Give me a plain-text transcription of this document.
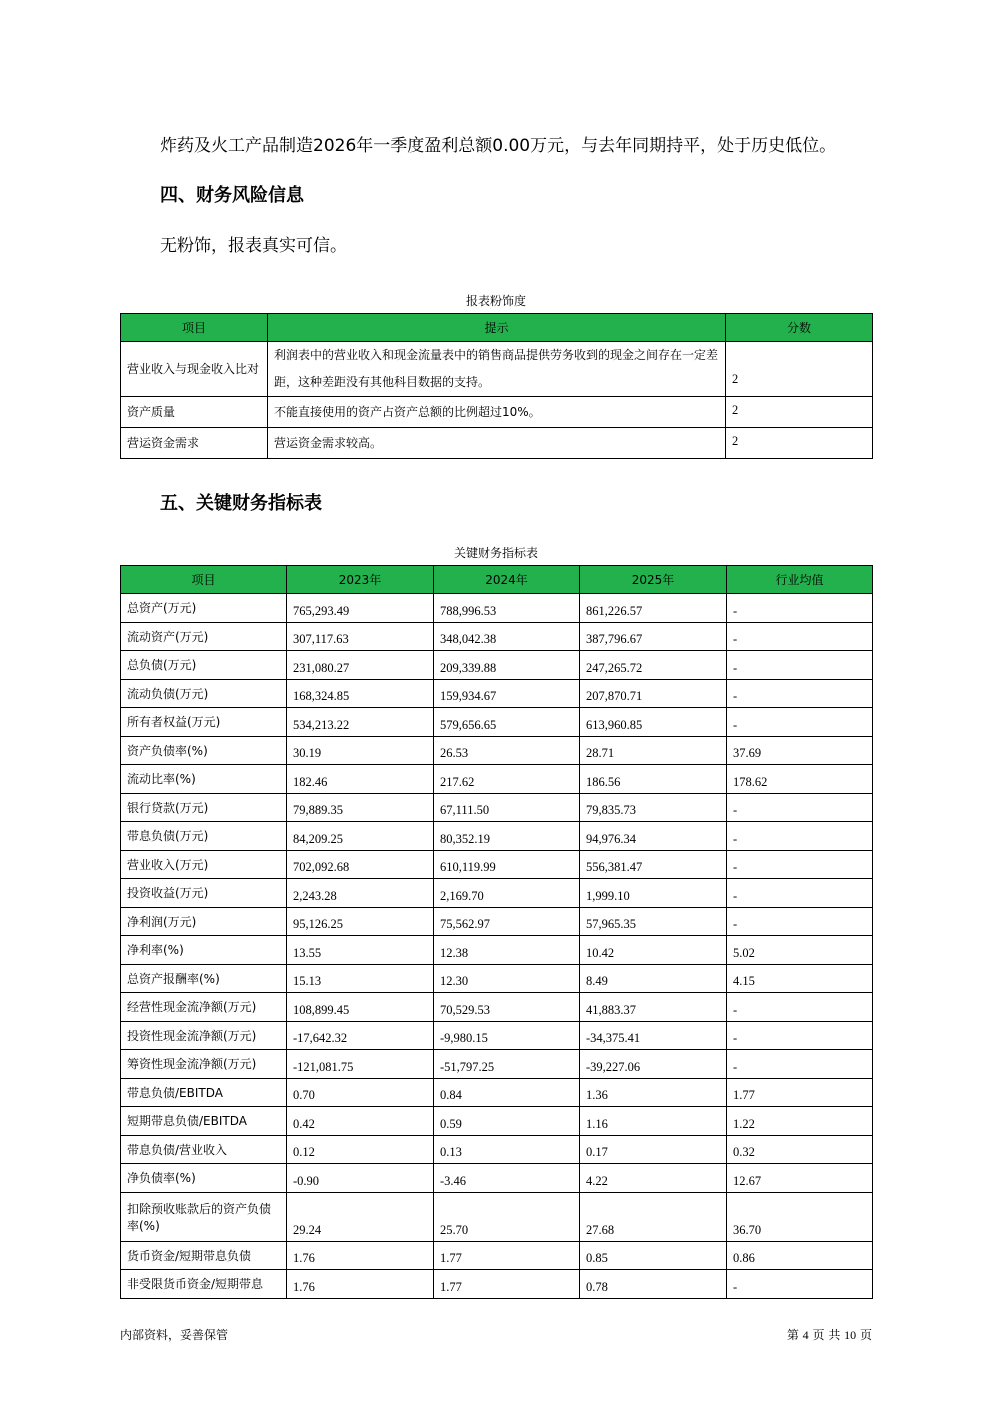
炸药及火工产品制造2026年一季度盈利总额0.00万元，与去年同期持平，处于历史低位。

四、财务风险信息

无粉饰，报表真实可信。

报表粉饰度
项目	提示	分数
营业收入与现金收入比对	利润表中的营业收入和现金流量表中的销售商品提供劳务收到的现金之间存在一定差距，这种差距没有其他科目数据的支持。	2
资产质量	不能直接使用的资产占资产总额的比例超过10%。	2
营运资金需求	营运资金需求较高。	2
五、关键财务指标表
关键财务指标表
项目	2023年	2024年	2025年	行业均值
总资产(万元)	765,293.49	788,996.53	861,226.57	-
流动资产(万元)	307,117.63	348,042.38	387,796.67	-
总负债(万元)	231,080.27	209,339.88	247,265.72	-
流动负债(万元)	168,324.85	159,934.67	207,870.71	-
所有者权益(万元)	534,213.22	579,656.65	613,960.85	-
资产负债率(%)	30.19	26.53	28.71	37.69
流动比率(%)	182.46	217.62	186.56	178.62
银行贷款(万元)	79,889.35	67,111.50	79,835.73	-
带息负债(万元)	84,209.25	80,352.19	94,976.34	-
营业收入(万元)	702,092.68	610,119.99	556,381.47	-
投资收益(万元)	2,243.28	2,169.70	1,999.10	-
净利润(万元)	95,126.25	75,562.97	57,965.35	-
净利率(%)	13.55	12.38	10.42	5.02
总资产报酬率(%)	15.13	12.30	8.49	4.15
经营性现金流净额(万元)	108,899.45	70,529.53	41,883.37	-
投资性现金流净额(万元)	-17,642.32	-9,980.15	-34,375.41	-
筹资性现金流净额(万元)	-121,081.75	-51,797.25	-39,227.06	-
带息负债/EBITDA	0.70	0.84	1.36	1.77
短期带息负债/EBITDA	0.42	0.59	1.16	1.22
带息负债/营业收入	0.12	0.13	0.17	0.32
净负债率(%)	-0.90	-3.46	4.22	12.67
扣除预收账款后的资产负债率(%)	29.24	25.70	27.68	36.70
货币资金/短期带息负债	1.76	1.77	0.85	0.86
非受限货币资金/短期带息	1.76	1.77	0.78	-
内部资料，妥善保管	第 4 页 共 10 页
